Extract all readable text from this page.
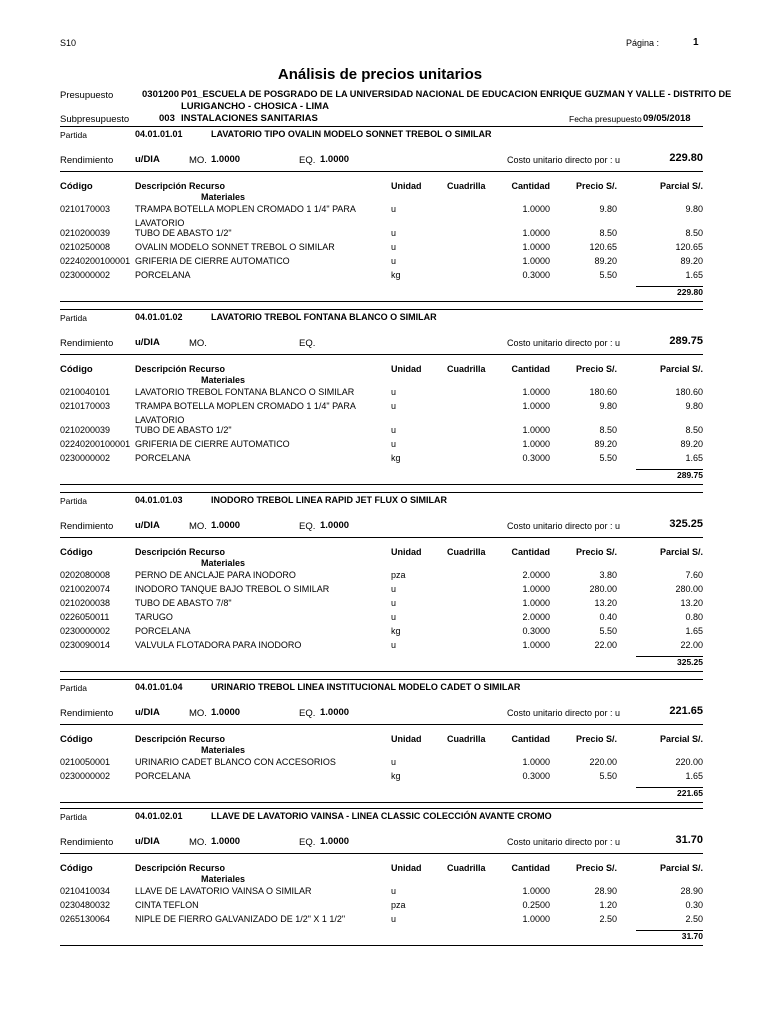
S10	Página :	1
Análisis de precios unitarios
Presupuesto	0301200 P01_ESCUELA DE POSGRADO DE LA UNIVERSIDAD NACIONAL DE EDUCACION ENRIQUE GUZMAN Y VALLE - DISTRITO DE
LURIGANCHO - CHOSICA - LIMA
Subpresupuesto	003 INSTALACIONES SANITARIAS	Fecha presupuesto 09/05/2018
Partida	04.01.01.01	LAVATORIO TIPO OVALIN MODELO SONNET TREBOL O SIMILAR
Rendimiento u/DIA	MO. 1.0000	EQ. 1.0000	Costo unitario directo por : u	229.80
Código	Descripción Recurso	Unidad	Cuadrilla	Cantidad	Precio S/.	Parcial S/.
Materiales
0210170003	TRAMPA BOTELLA MOPLEN CROMADO 1 1/4" PARA	u	1.0000	9.80	9.80
LAVATORIO
0210200039	TUBO DE ABASTO 1/2"	u	1.0000	8.50	8.50
0210250008	OVALIN MODELO SONNET TREBOL O SIMILAR	u	1.0000	120.65	120.65
02240200100001 GRIFERIA DE CIERRE AUTOMATICO	u	1.0000	89.20	89.20
0230000002	PORCELANA	kg	0.3000	5.50	1.65
229.80
Partida	04.01.01.02	LAVATORIO TREBOL FONTANA BLANCO O SIMILAR
Rendimiento u/DIA	MO.	EQ.	Costo unitario directo por : u	289.75
Código	Descripción Recurso	Unidad	Cuadrilla	Cantidad	Precio S/.	Parcial S/.
Materiales
0210040101	LAVATORIO TREBOL FONTANA BLANCO O SIMILAR	u	1.0000	180.60	180.60
0210170003	TRAMPA BOTELLA MOPLEN CROMADO 1 1/4" PARA	u	1.0000	9.80	9.80
LAVATORIO
0210200039	TUBO DE ABASTO 1/2"	u	1.0000	8.50	8.50
02240200100001 GRIFERIA DE CIERRE AUTOMATICO	u	1.0000	89.20	89.20
0230000002	PORCELANA	kg	0.3000	5.50	1.65
289.75
Partida	04.01.01.03	INODORO TREBOL LINEA RAPID JET FLUX O SIMILAR
Rendimiento u/DIA	MO. 1.0000	EQ. 1.0000	Costo unitario directo por : u	325.25
Código	Descripción Recurso	Unidad	Cuadrilla	Cantidad	Precio S/.	Parcial S/.
Materiales
0202080008	PERNO DE ANCLAJE PARA INODORO	pza	2.0000	3.80	7.60
0210020074	INODORO TANQUE BAJO TREBOL O SIMILAR	u	1.0000	280.00	280.00
0210200038	TUBO DE ABASTO 7/8"	u	1.0000	13.20	13.20
0226050011	TARUGO	u	2.0000	0.40	0.80
0230000002	PORCELANA	kg	0.3000	5.50	1.65
0230090014	VALVULA FLOTADORA PARA INODORO	u	1.0000	22.00	22.00
325.25
Partida	04.01.01.04	URINARIO TREBOL LINEA INSTITUCIONAL MODELO CADET O SIMILAR
Rendimiento u/DIA	MO. 1.0000	EQ. 1.0000	Costo unitario directo por : u	221.65
Código	Descripción Recurso	Unidad	Cuadrilla	Cantidad	Precio S/.	Parcial S/.
Materiales
0210050001	URINARIO CADET BLANCO CON ACCESORIOS	u	1.0000	220.00	220.00
0230000002	PORCELANA	kg	0.3000	5.50	1.65
221.65
Partida	04.01.02.01	LLAVE DE LAVATORIO VAINSA - LINEA CLASSIC COLECCIÓN AVANTE CROMO
Rendimiento u/DIA	MO. 1.0000	EQ. 1.0000	Costo unitario directo por : u	31.70
Código	Descripción Recurso	Unidad	Cuadrilla	Cantidad	Precio S/.	Parcial S/.
Materiales
0210410034	LLAVE DE LAVATORIO VAINSA O SIMILAR	u	1.0000	28.90	28.90
0230480032	CINTA TEFLON	pza	0.2500	1.20	0.30
0265130064	NIPLE DE FIERRO GALVANIZADO DE 1/2" X 1 1/2"	u	1.0000	2.50	2.50
31.70
